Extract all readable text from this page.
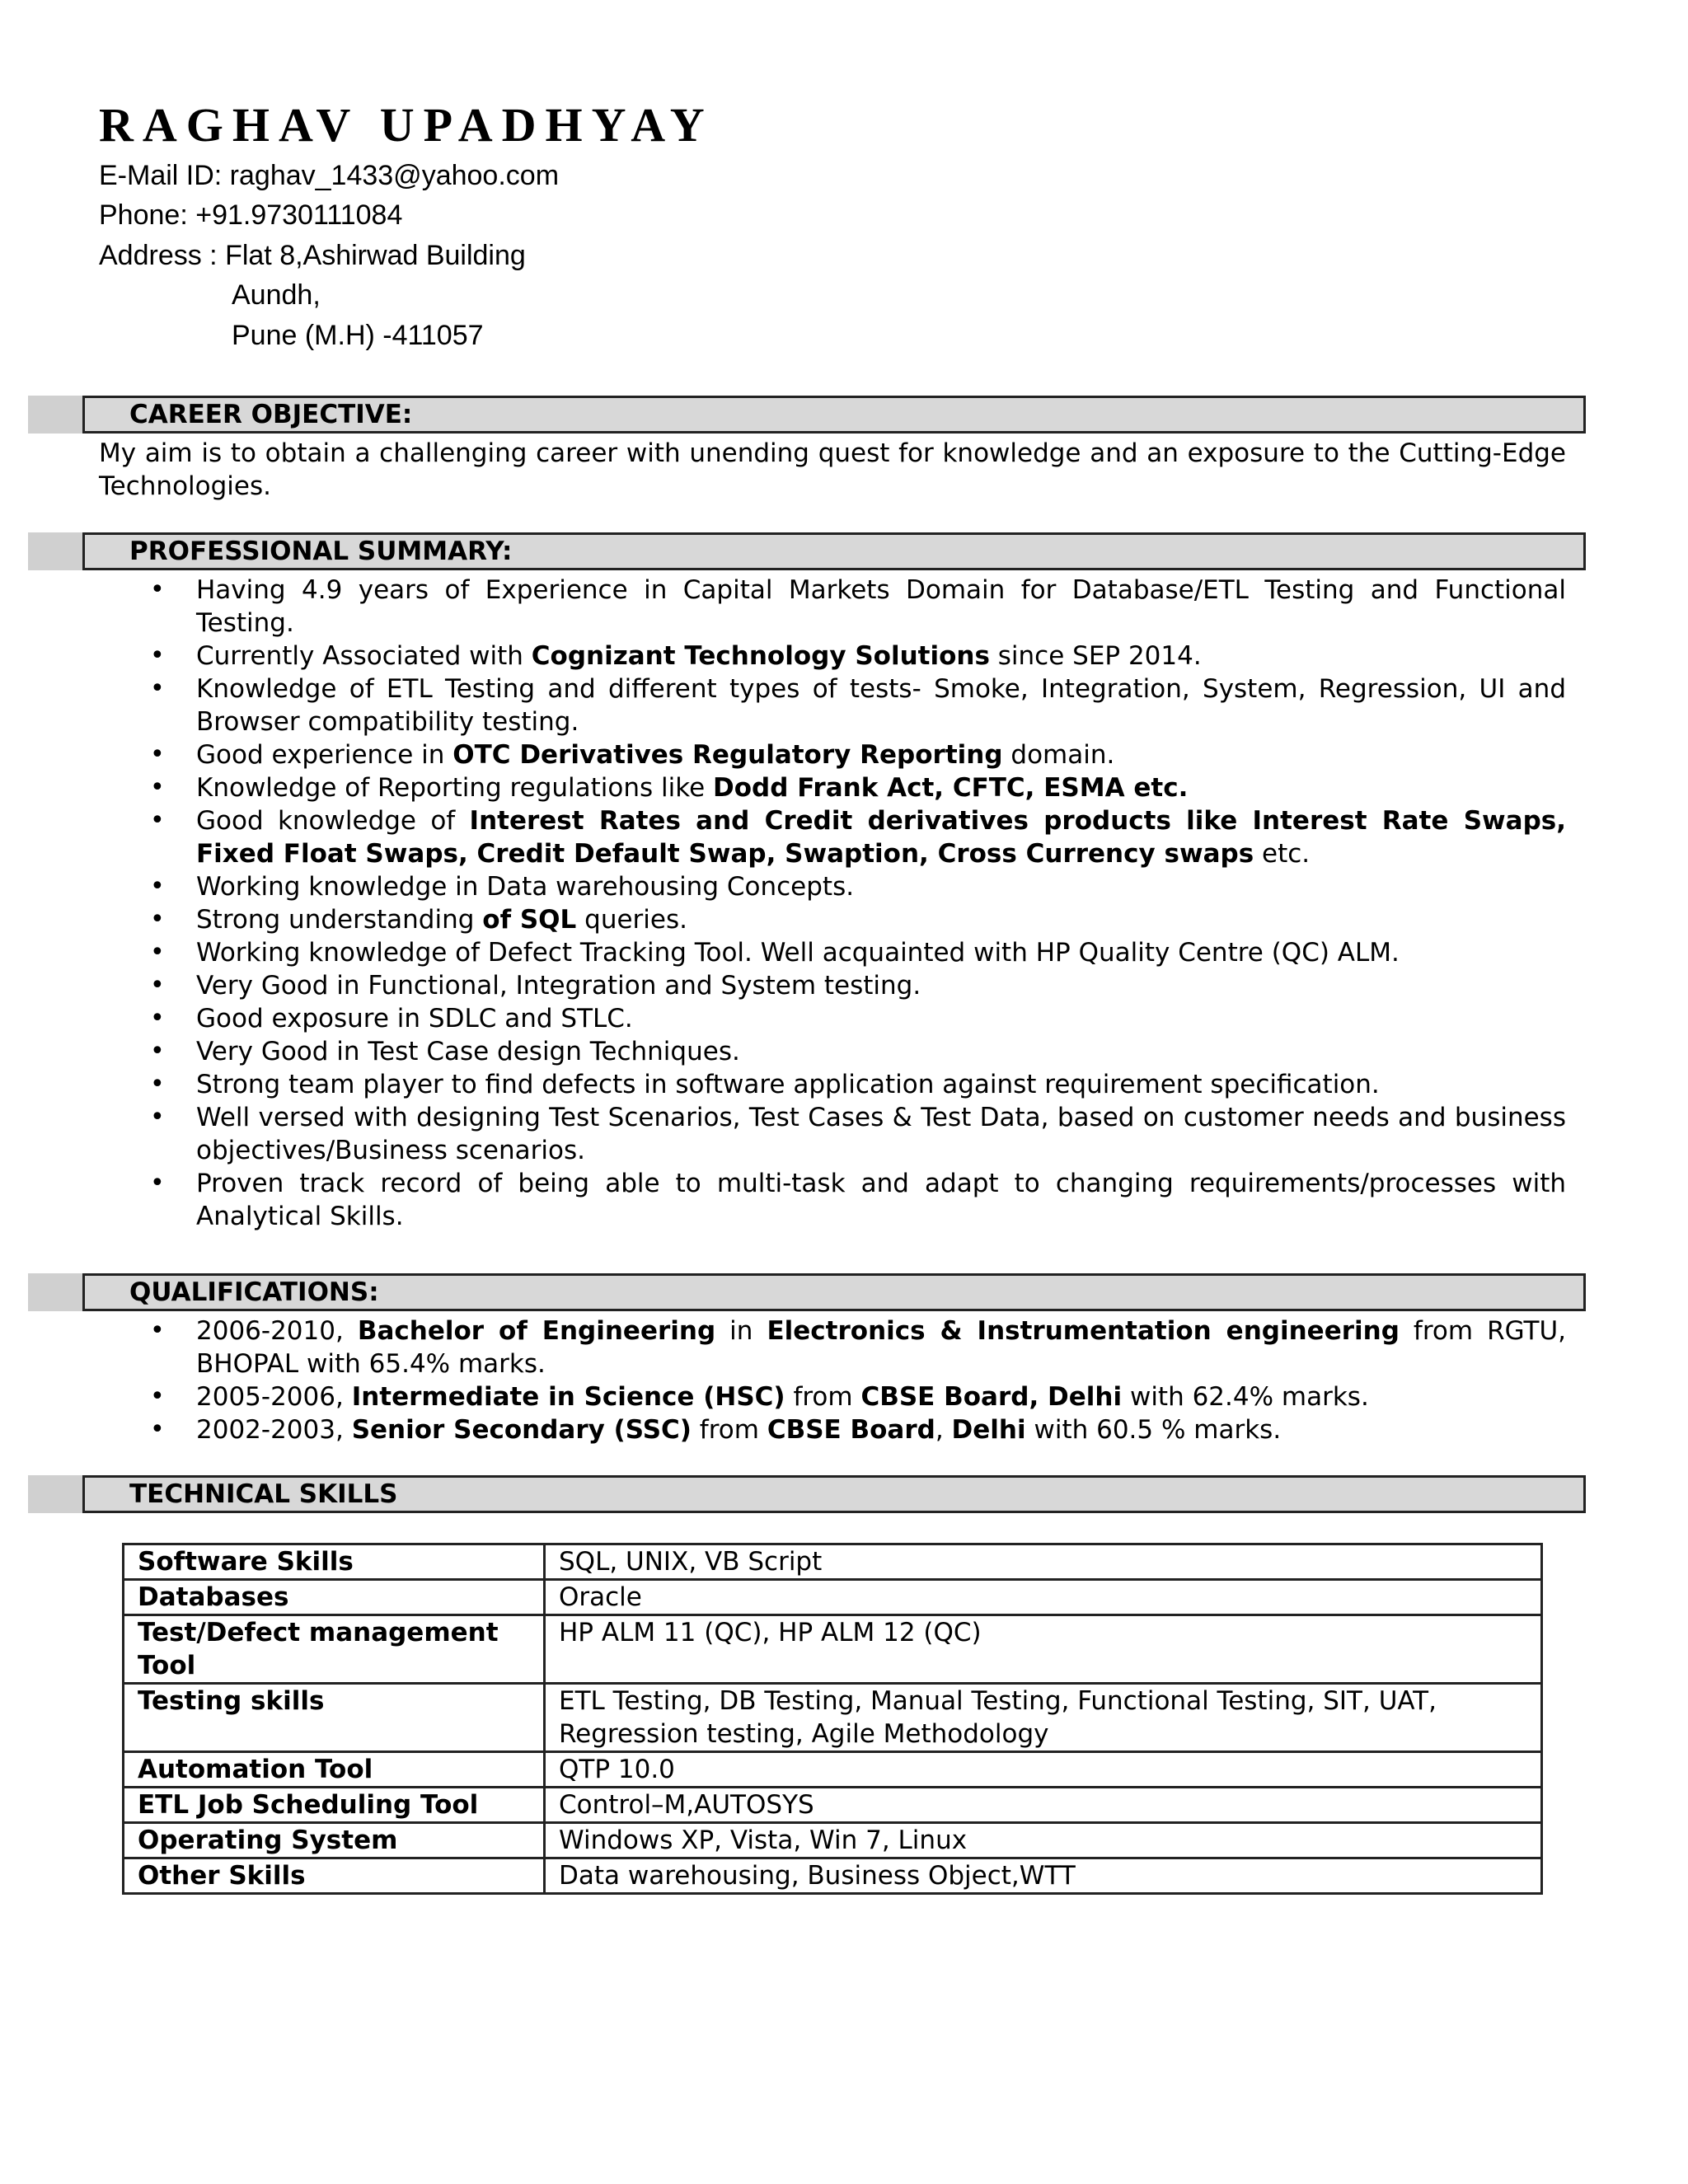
RAGHAV UPADHYAY
E-Mail ID: raghav_1433@yahoo.com
Phone: +91.9730111084
Address : Flat 8,Ashirwad Building
Aundh,
Pune (M.H) -411057
CAREER OBJECTIVE:
My aim is to obtain a challenging career with unending quest for knowledge and an exposure to the Cutting-Edge Technologies.
PROFESSIONAL SUMMARY:
• Having 4.9 years of Experience in Capital Markets Domain for Database/ETL Testing and Functional Testing.
• Currently Associated with Cognizant Technology Solutions since SEP 2014.
• Knowledge of ETL Testing and different types of tests- Smoke, Integration, System, Regression, UI and Browser compatibility testing.
• Good experience in OTC Derivatives Regulatory Reporting domain.
• Knowledge of Reporting regulations like Dodd Frank Act, CFTC, ESMA etc.
• Good knowledge of Interest Rates and Credit derivatives products like Interest Rate Swaps, Fixed Float Swaps, Credit Default Swap, Swaption, Cross Currency swaps etc.
• Working knowledge in Data warehousing Concepts.
• Strong understanding of SQL queries.
• Working knowledge of Defect Tracking Tool. Well acquainted with HP Quality Centre (QC) ALM.
• Very Good in Functional, Integration and System testing.
• Good exposure in SDLC and STLC.
• Very Good in Test Case design Techniques.
• Strong team player to find defects in software application against requirement specification.
• Well versed with designing Test Scenarios, Test Cases & Test Data, based on customer needs and business objectives/Business scenarios.
• Proven track record of being able to multi-task and adapt to changing requirements/processes with Analytical Skills.
QUALIFICATIONS:
• 2006-2010, Bachelor of Engineering in Electronics & Instrumentation engineering from RGTU, BHOPAL with 65.4% marks.
• 2005-2006, Intermediate in Science (HSC) from CBSE Board, Delhi with 62.4% marks.
• 2002-2003, Senior Secondary (SSC) from CBSE Board, Delhi with 60.5 % marks.
TECHNICAL SKILLS
Software Skills	SQL, UNIX, VB Script
Databases	Oracle
Test/Defect management Tool	HP ALM 11 (QC), HP ALM 12 (QC)
Testing skills	ETL Testing, DB Testing, Manual Testing, Functional Testing, SIT, UAT, Regression testing, Agile Methodology
Automation Tool	QTP 10.0
ETL Job Scheduling Tool	Control–M,AUTOSYS
Operating System	Windows XP, Vista, Win 7, Linux
Other Skills	Data warehousing, Business Object,WTT
